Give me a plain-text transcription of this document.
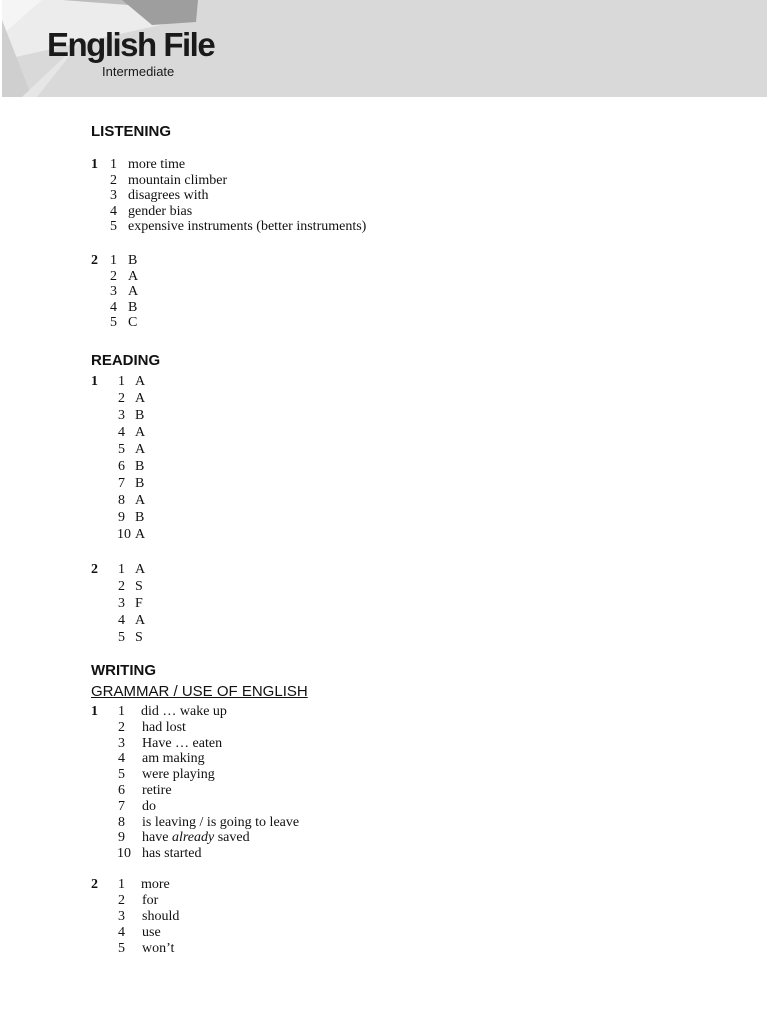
English File
Intermediate
LISTENING
1 1 more time
2 mountain climber
3 disagrees with
4 gender bias
5 expensive instruments (better instruments)
2 1 B
2 A
3 A
4 B
5 C
READING
1	1 A
2 A
3 B
4 A
5 A
6 B
7 B
8 A
9 B
10 A
2	1 A
2 S
3 F
4 A
5 S
WRITING
GRAMMAR / USE OF ENGLISH
1	1 did … wake up
2 had lost
3 Have … eaten
4 am making
5 were playing
6 retire
7 do
8 is leaving / is going to leave
9 have already saved
10 has started
2	1 more
2 for
3 should
4 use
5 won’t
